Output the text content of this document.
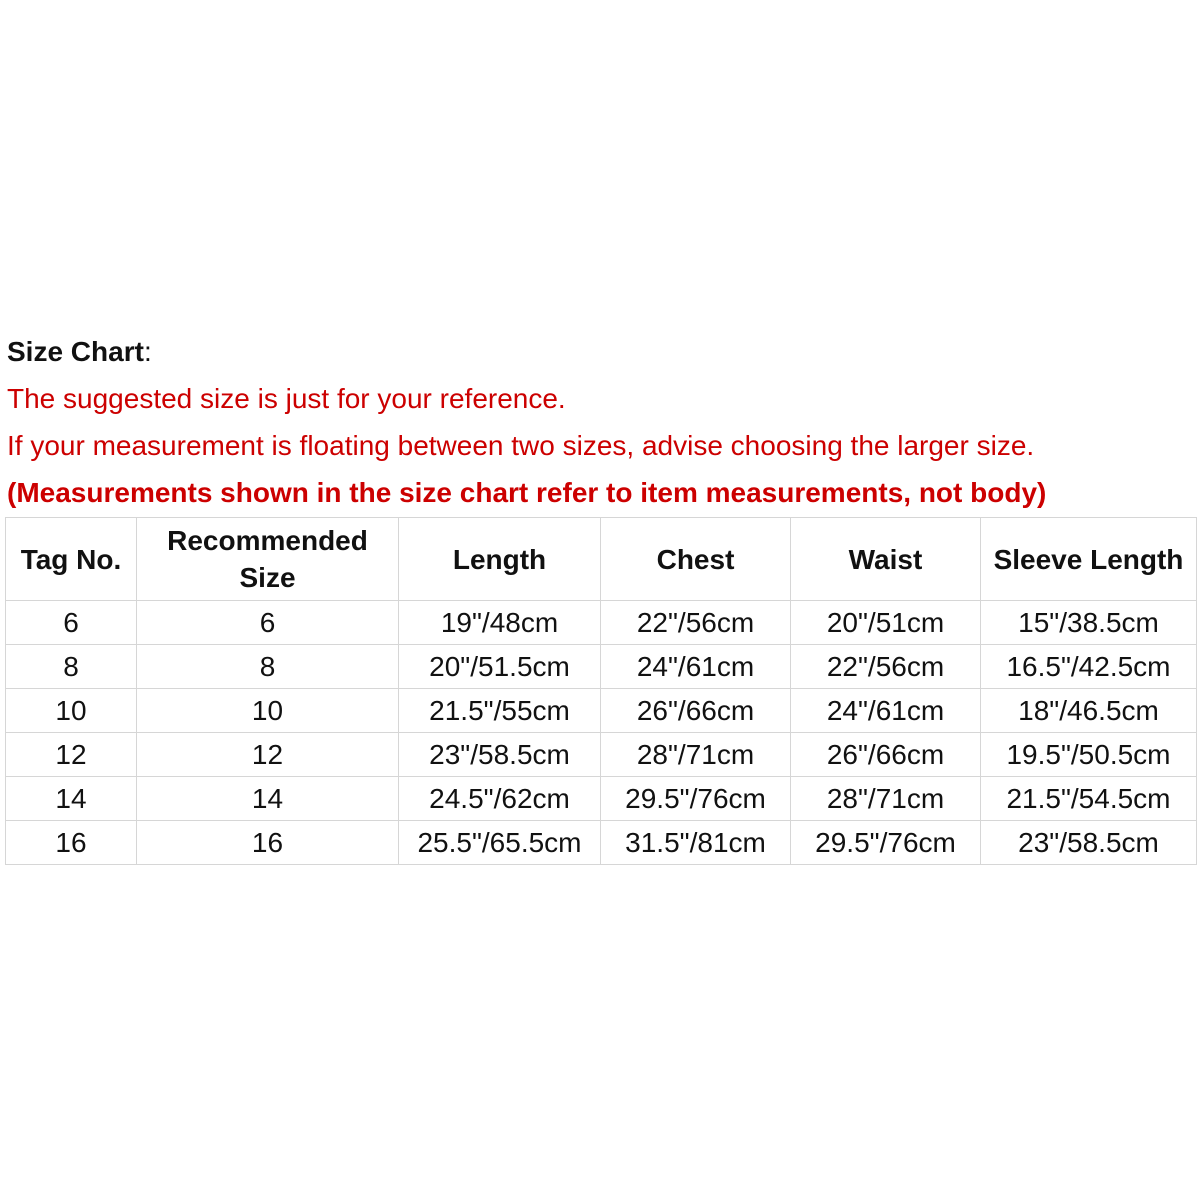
Size Chart:
The suggested size is just for your reference.
If your measurement is floating between two sizes, advise choosing the larger size.
(Measurements shown in the size chart refer to item measurements, not body)
Tag No.	Recommended Size	Length	Chest	Waist	Sleeve Length
6	6	19"/48cm	22"/56cm	20"/51cm	15"/38.5cm
8	8	20"/51.5cm	24"/61cm	22"/56cm	16.5"/42.5cm
10	10	21.5"/55cm	26"/66cm	24"/61cm	18"/46.5cm
12	12	23"/58.5cm	28"/71cm	26"/66cm	19.5"/50.5cm
14	14	24.5"/62cm	29.5"/76cm	28"/71cm	21.5"/54.5cm
16	16	25.5"/65.5cm	31.5"/81cm	29.5"/76cm	23"/58.5cm
